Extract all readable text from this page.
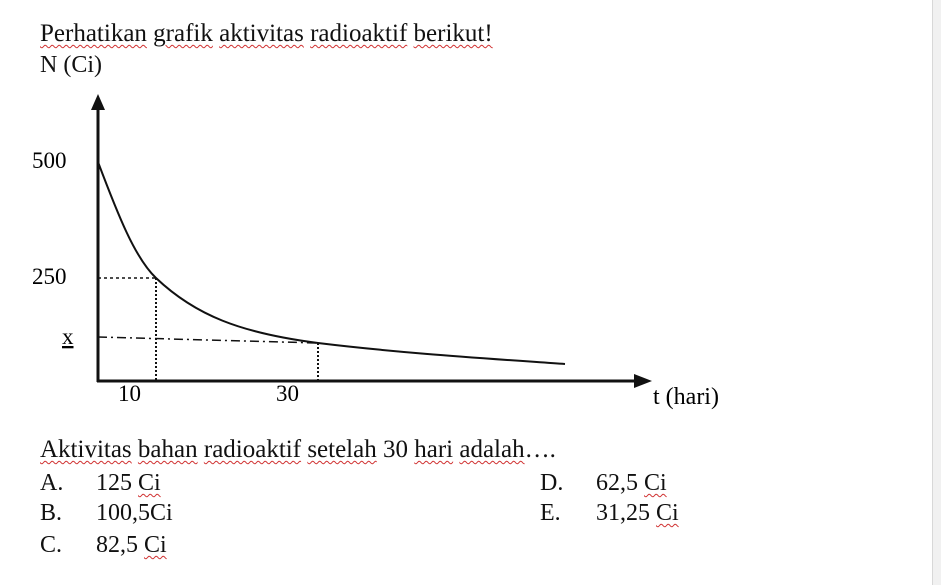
Perhatikan grafik aktivitas radioaktif berikut!
N (Ci)
500
250
x
10	30	t (hari)
Aktivitas bahan radioaktif setelah 30 hari adalah….
A. 125 Ci
B. 100,5Ci
C. 82,5 Ci
D. 62,5 Ci
E. 31,25 Ci
